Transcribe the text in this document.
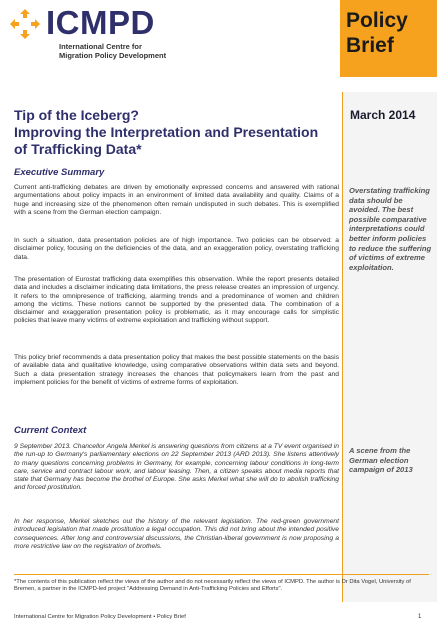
ICMPD
International Centre for
Migration Policy Development
Policy
Brief
March 2014
Overstating trafficking data should be avoided. The best possible comparative interpretations could better inform policies to reduce the suffering of victims of extreme exploitation.
A scene from the German election campaign of 2013
Tip of the Iceberg?
Improving the Interpretation and Presentation
of Trafficking Data*
Executive Summary
Current anti-trafficking debates are driven by emotionally expressed concerns and answered with rational argumentations about policy impacts in an environment of limited data availability and quality. Claims of a huge and increasing size of the phenomenon often remain undisputed in such debates. This is exemplified with a scene from the German election campaign.
In such a situation, data presentation policies are of high importance. Two policies can be observed: a disclaimer policy, focusing on the deficiencies of the data, and an exaggeration policy, overstating trafficking data.
The presentation of Eurostat trafficking data exemplifies this observation. While the report presents detailed data and includes a disclaimer indicating data limitations, the press release creates an impression of urgency. It refers to the omnipresence of trafficking, alarming trends and a predominance of women and children among the victims. These notions cannot be supported by the presented data. The combination of a disclaimer and exaggeration presentation policy is problematic, as it may encourage calls for simplistic policies that leave many victims of extreme exploitation and trafficking without support.
This policy brief recommends a data presentation policy that makes the best possible statements on the basis of available data and qualitative knowledge, using comparative observations within data sets and beyond. Such a data presentation strategy increases the chances that policymakers learn from the past and implement policies for the benefit of victims of extreme forms of exploitation.
Current Context
9 September 2013. Chancellor Angela Merkel is answering questions from citizens at a TV event organised in the run-up to Germany's parliamentary elections on 22 September 2013 (ARD 2013). She listens attentively to many questions concerning problems in Germany, for example, concerning labour conditions in long-term care, service and contract labour work, and labour leasing. Then, a citizen speaks about media reports that state that Germany has become the brothel of Europe. She asks Merkel what she will do to abolish trafficking and forced prostitution.
In her response, Merkel sketches out the history of the relevant legislation. The red-green government introduced legislation that made prostitution a legal occupation. This did not bring about the intended positive consequences. After long and controversial discussions, the Christian-liberal government is now proposing a more restrictive law on the registration of brothels.
*The contents of this publication reflect the views of the author and do not necessarily reflect the views of ICMPD. The author is Dr Dita Vogel, University of Bremen, a partner in the ICMPD-led project "Addressing Demand in Anti-Trafficking Policies and Efforts".
International Centre for Migration Policy Development • Policy Brief	1
